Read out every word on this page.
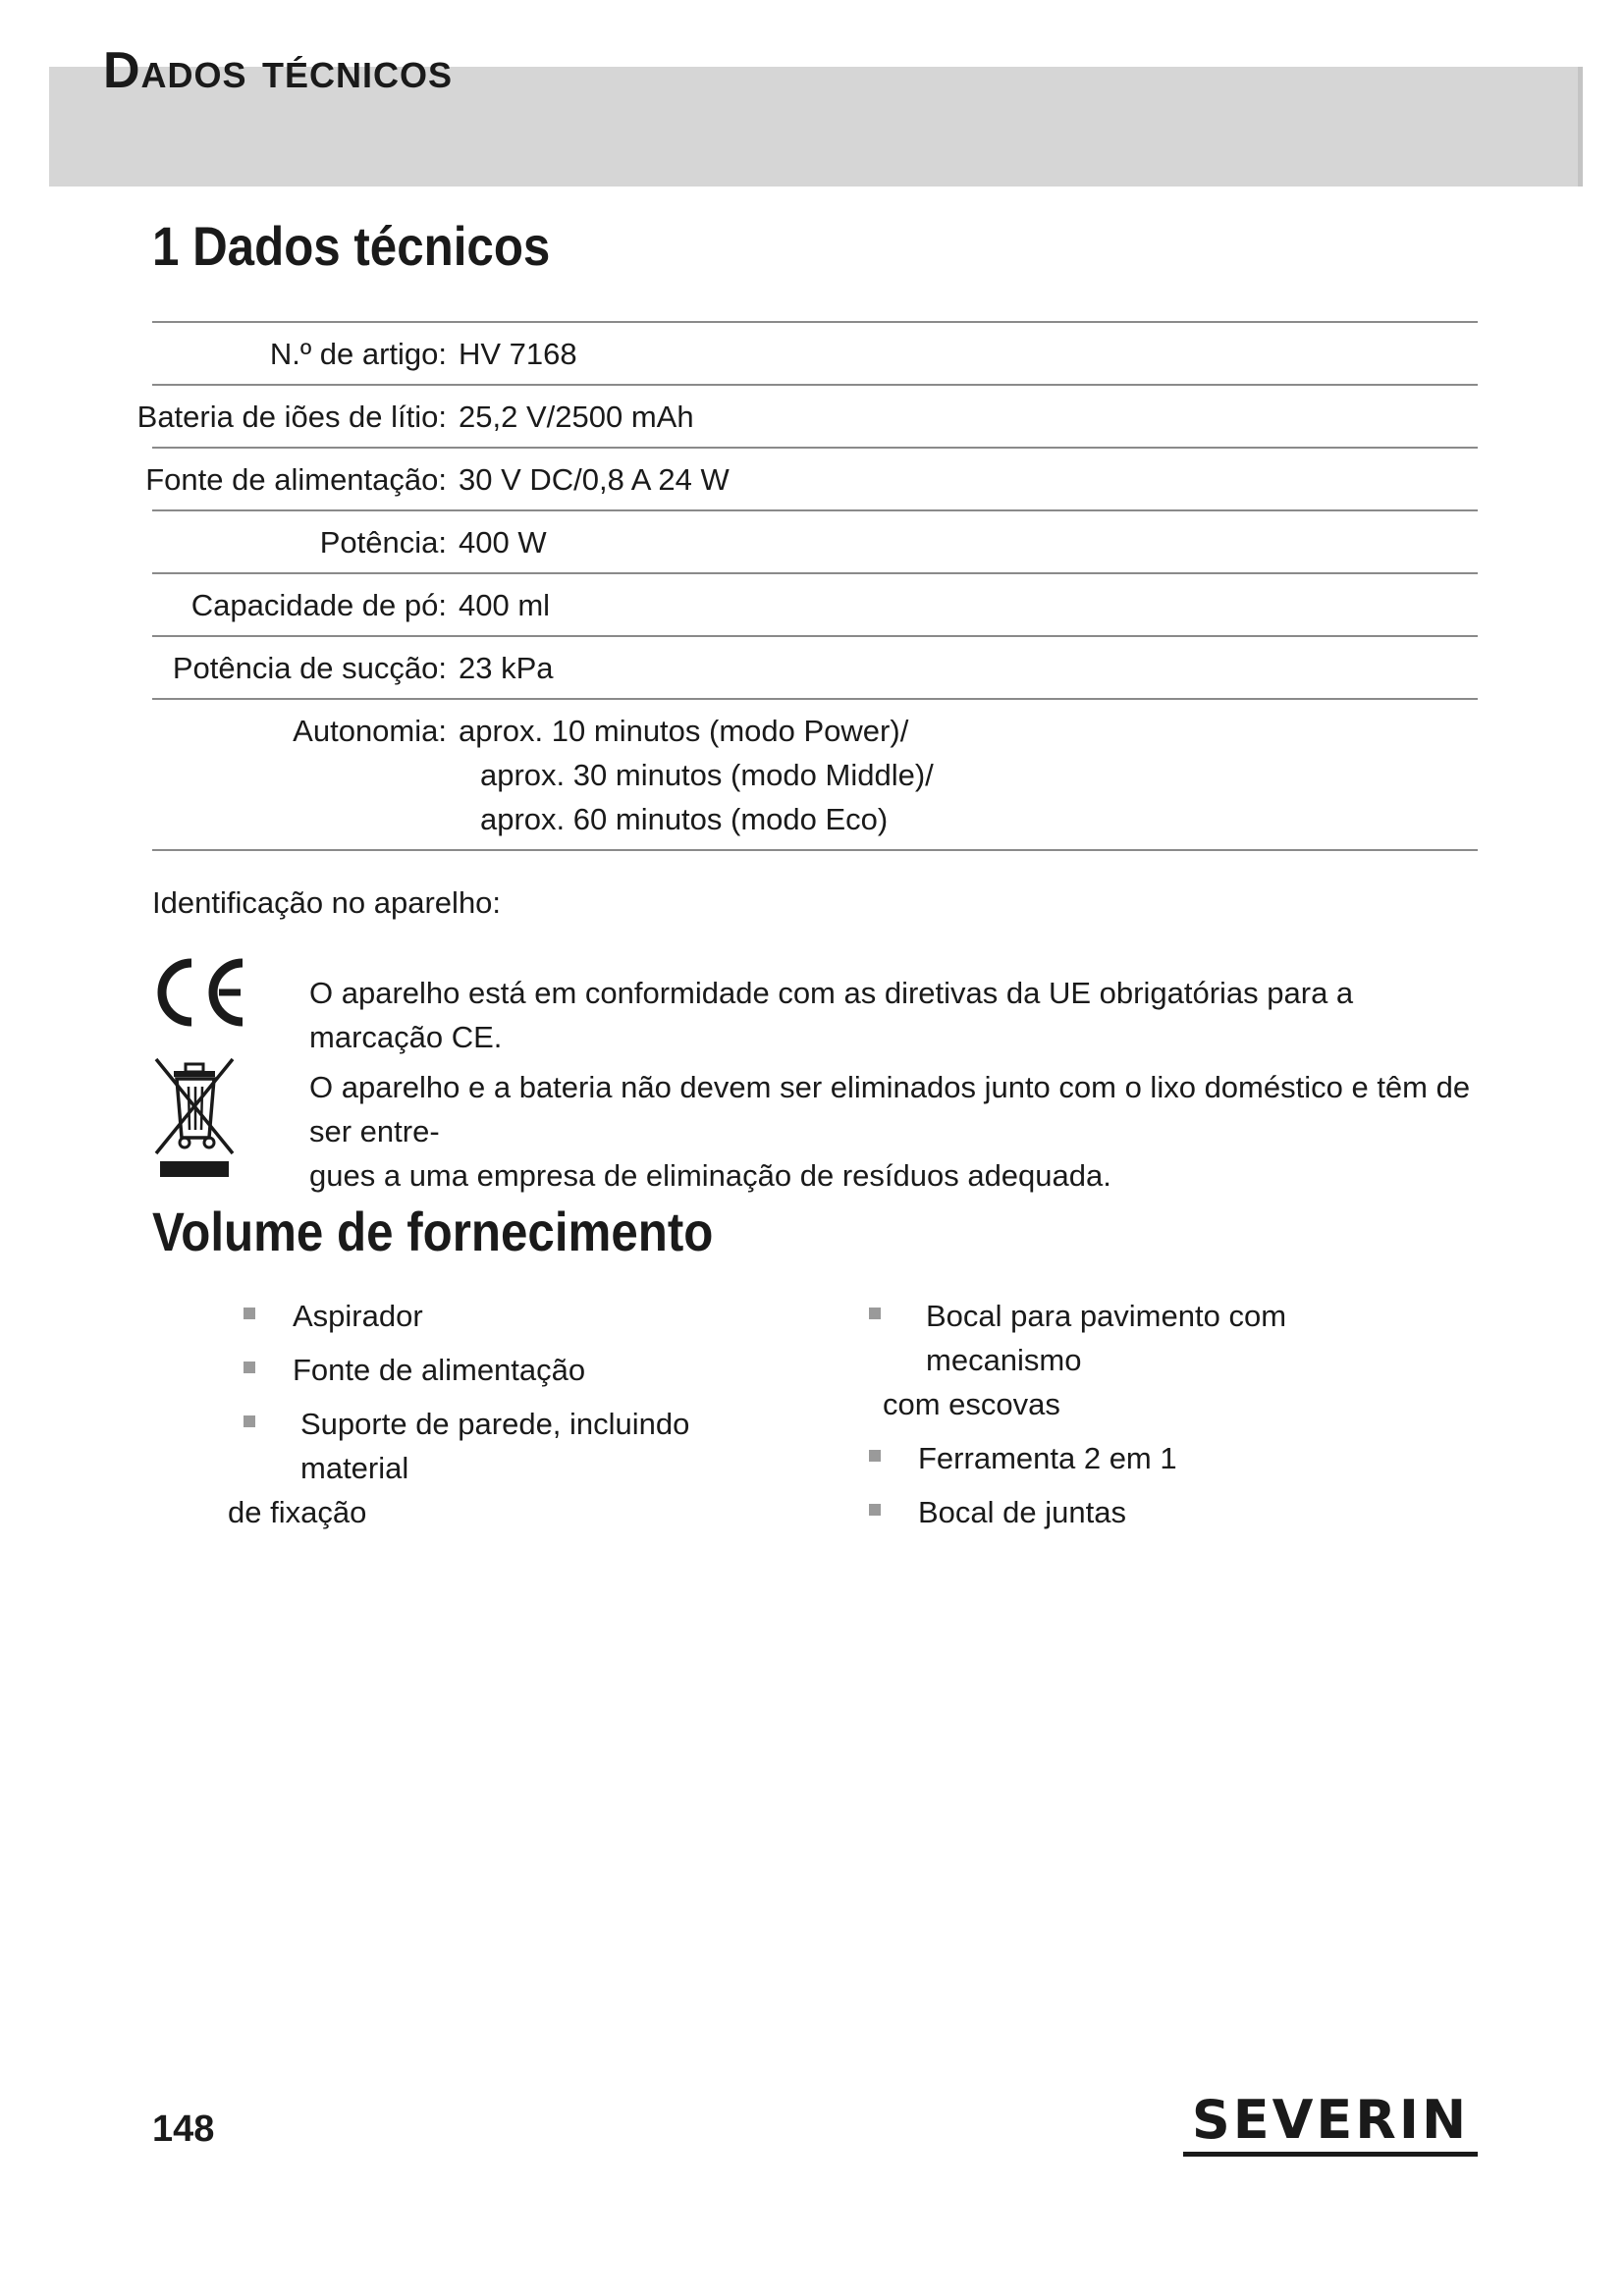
Dados técnicos
1 Dados técnicos
N.º de artigo: HV 7168
Bateria de iões de lítio: 25,2 V/2500 mAh
Fonte de alimentação: 30 V DC/0,8 A 24 W
Potência: 400 W
Capacidade de pó: 400 ml
Potência de sucção: 23 kPa
Autonomia: aprox. 10 minutos (modo Power)/
aprox. 30 minutos (modo Middle)/
aprox. 60 minutos (modo Eco)
Identificação no aparelho:
CE
O aparelho está em conformidade com as diretivas da UE obrigatórias para a marcação CE.
O aparelho e a bateria não devem ser eliminados junto com o lixo doméstico e têm de ser entre-
gues a uma empresa de eliminação de resíduos adequada.
Volume de fornecimento
Aspirador
Fonte de alimentação
Suporte de parede, incluindo material
de fixação
Bocal para pavimento com mecanismo
com escovas
Ferramenta 2 em 1
Bocal de juntas
148	SEVERIN
